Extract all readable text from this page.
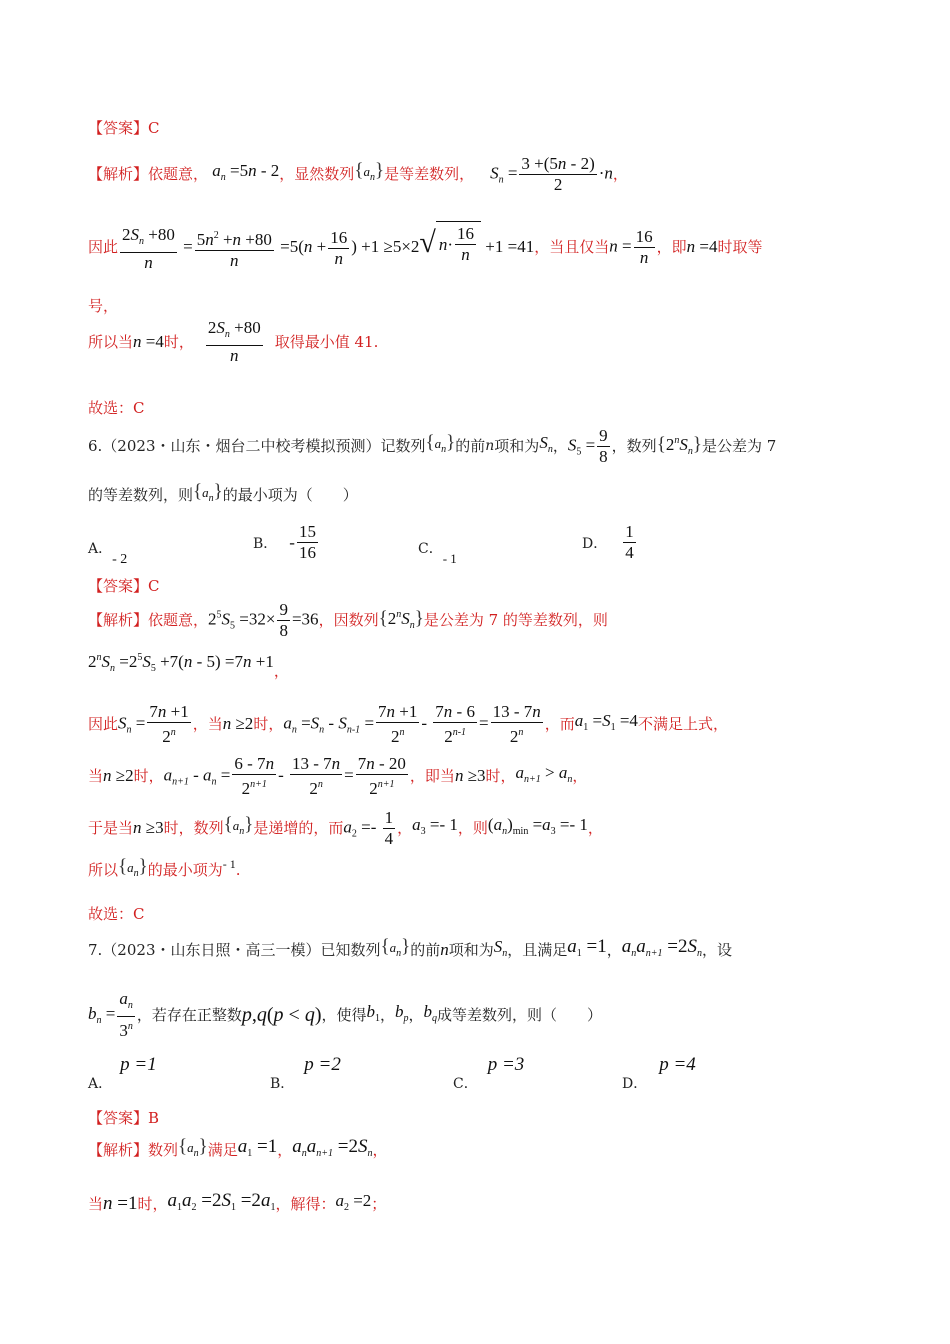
【答案】C
【解析】 依题意， $a_n =5n - 2$ ，显然数列 $\{a_n\}$ 是等差数列， $S_n = \frac{3 +(5n - 2)}{2} \cdot n$ ，
因此 $\frac{2S_n +80}{n} = \frac{5n^2 +n +80}{n} =5(n + \frac{16}{n}$ ) +1 ≥5×2 √ $n \cdot \frac{16}{n} +1 =41$ ，当且仅当 $n = \frac{16}{n}$ ，即 n =4 时取等
号，
所以当 n =4 时， $\frac{2S_n +80}{n}$ 取得最小值 41.
故选：C
6.（2023・山东・烟台二中校考模拟预测）记数列 $\{a_n\}$ 的前 n 项和为 $S_n$ ， $S_5 = \frac{9}{8}$ ，数列 $\{2^nS_n\}$ 是公差为 7
的等差数列，则 $\{a_n\}$ 的最小项为（　　）
A．- 2
B． - $\frac{15}{16}$	C．- 1
D． $\frac{1}{4}$
【答案】C
【解析】 依题意， $2^5S_5 =32\times \frac{9}{8} =36$ ，因数列 $\{2^nS_n\}$ 是公差为 7 的等差数列，则
$2^nS_n =2^5S_5 +7(n - 5) =7n +1$
，
因此 $S_n = \frac{7n +1}{2^n}$ ，当 n ≥2 时， $a_n =S_n - S_{n-1} = \frac{7n +1}{2^n} - \frac{7n - 6}{2^{n-1}} = \frac{13 - 7n}{2^n}$ ，而 $a_1 =S_1 =4$ 不满足上式，
当 n ≥2 时， $a_{n+1} - a_n = \frac{6 - 7n}{2^{n+1}} - \frac{13 - 7n}{2^n} = \frac{7n - 20}{2^{n+1}}$ ，即当 n ≥3 时， $a_{n+1} > a_n$ ，
于是当 n ≥3 时，数列 $\{a_n\}$ 是递增的，而 $a_2 =- \frac{1}{4}$ ， $a_3 =- 1$ ，则 $(a_n)_{min} =a_3 =- 1$ ，
所以 $\{a_n\}$ 的最小项为 - 1 .
故选：C
7.（2023・山东日照・高三一模）已知数列 $\{a_n\}$ 的前 n 项和为 $S_n$ ，且满足 $a_1 =1$ ， $a_na_{n+1} =2S_n$ ，设
$b_n = \frac{a_n}{3^n}$ ，若存在正整数 p,q(p < q) ，使得 $b_1$ ， $b_p$ ， $b_q$ 成等差数列，则（　　）
A．p =1
B．p =2
C．p =3
D．p =4
【答案】B
【解析】 数列 $\{a_n\}$ 满足 $a_1 =1$ ， $a_na_{n+1} =2S_n$ ，
当 n =1 时， $a_1a_2 =2S_1 =2a_1$ ，解得： $a_2 =2$ ；
